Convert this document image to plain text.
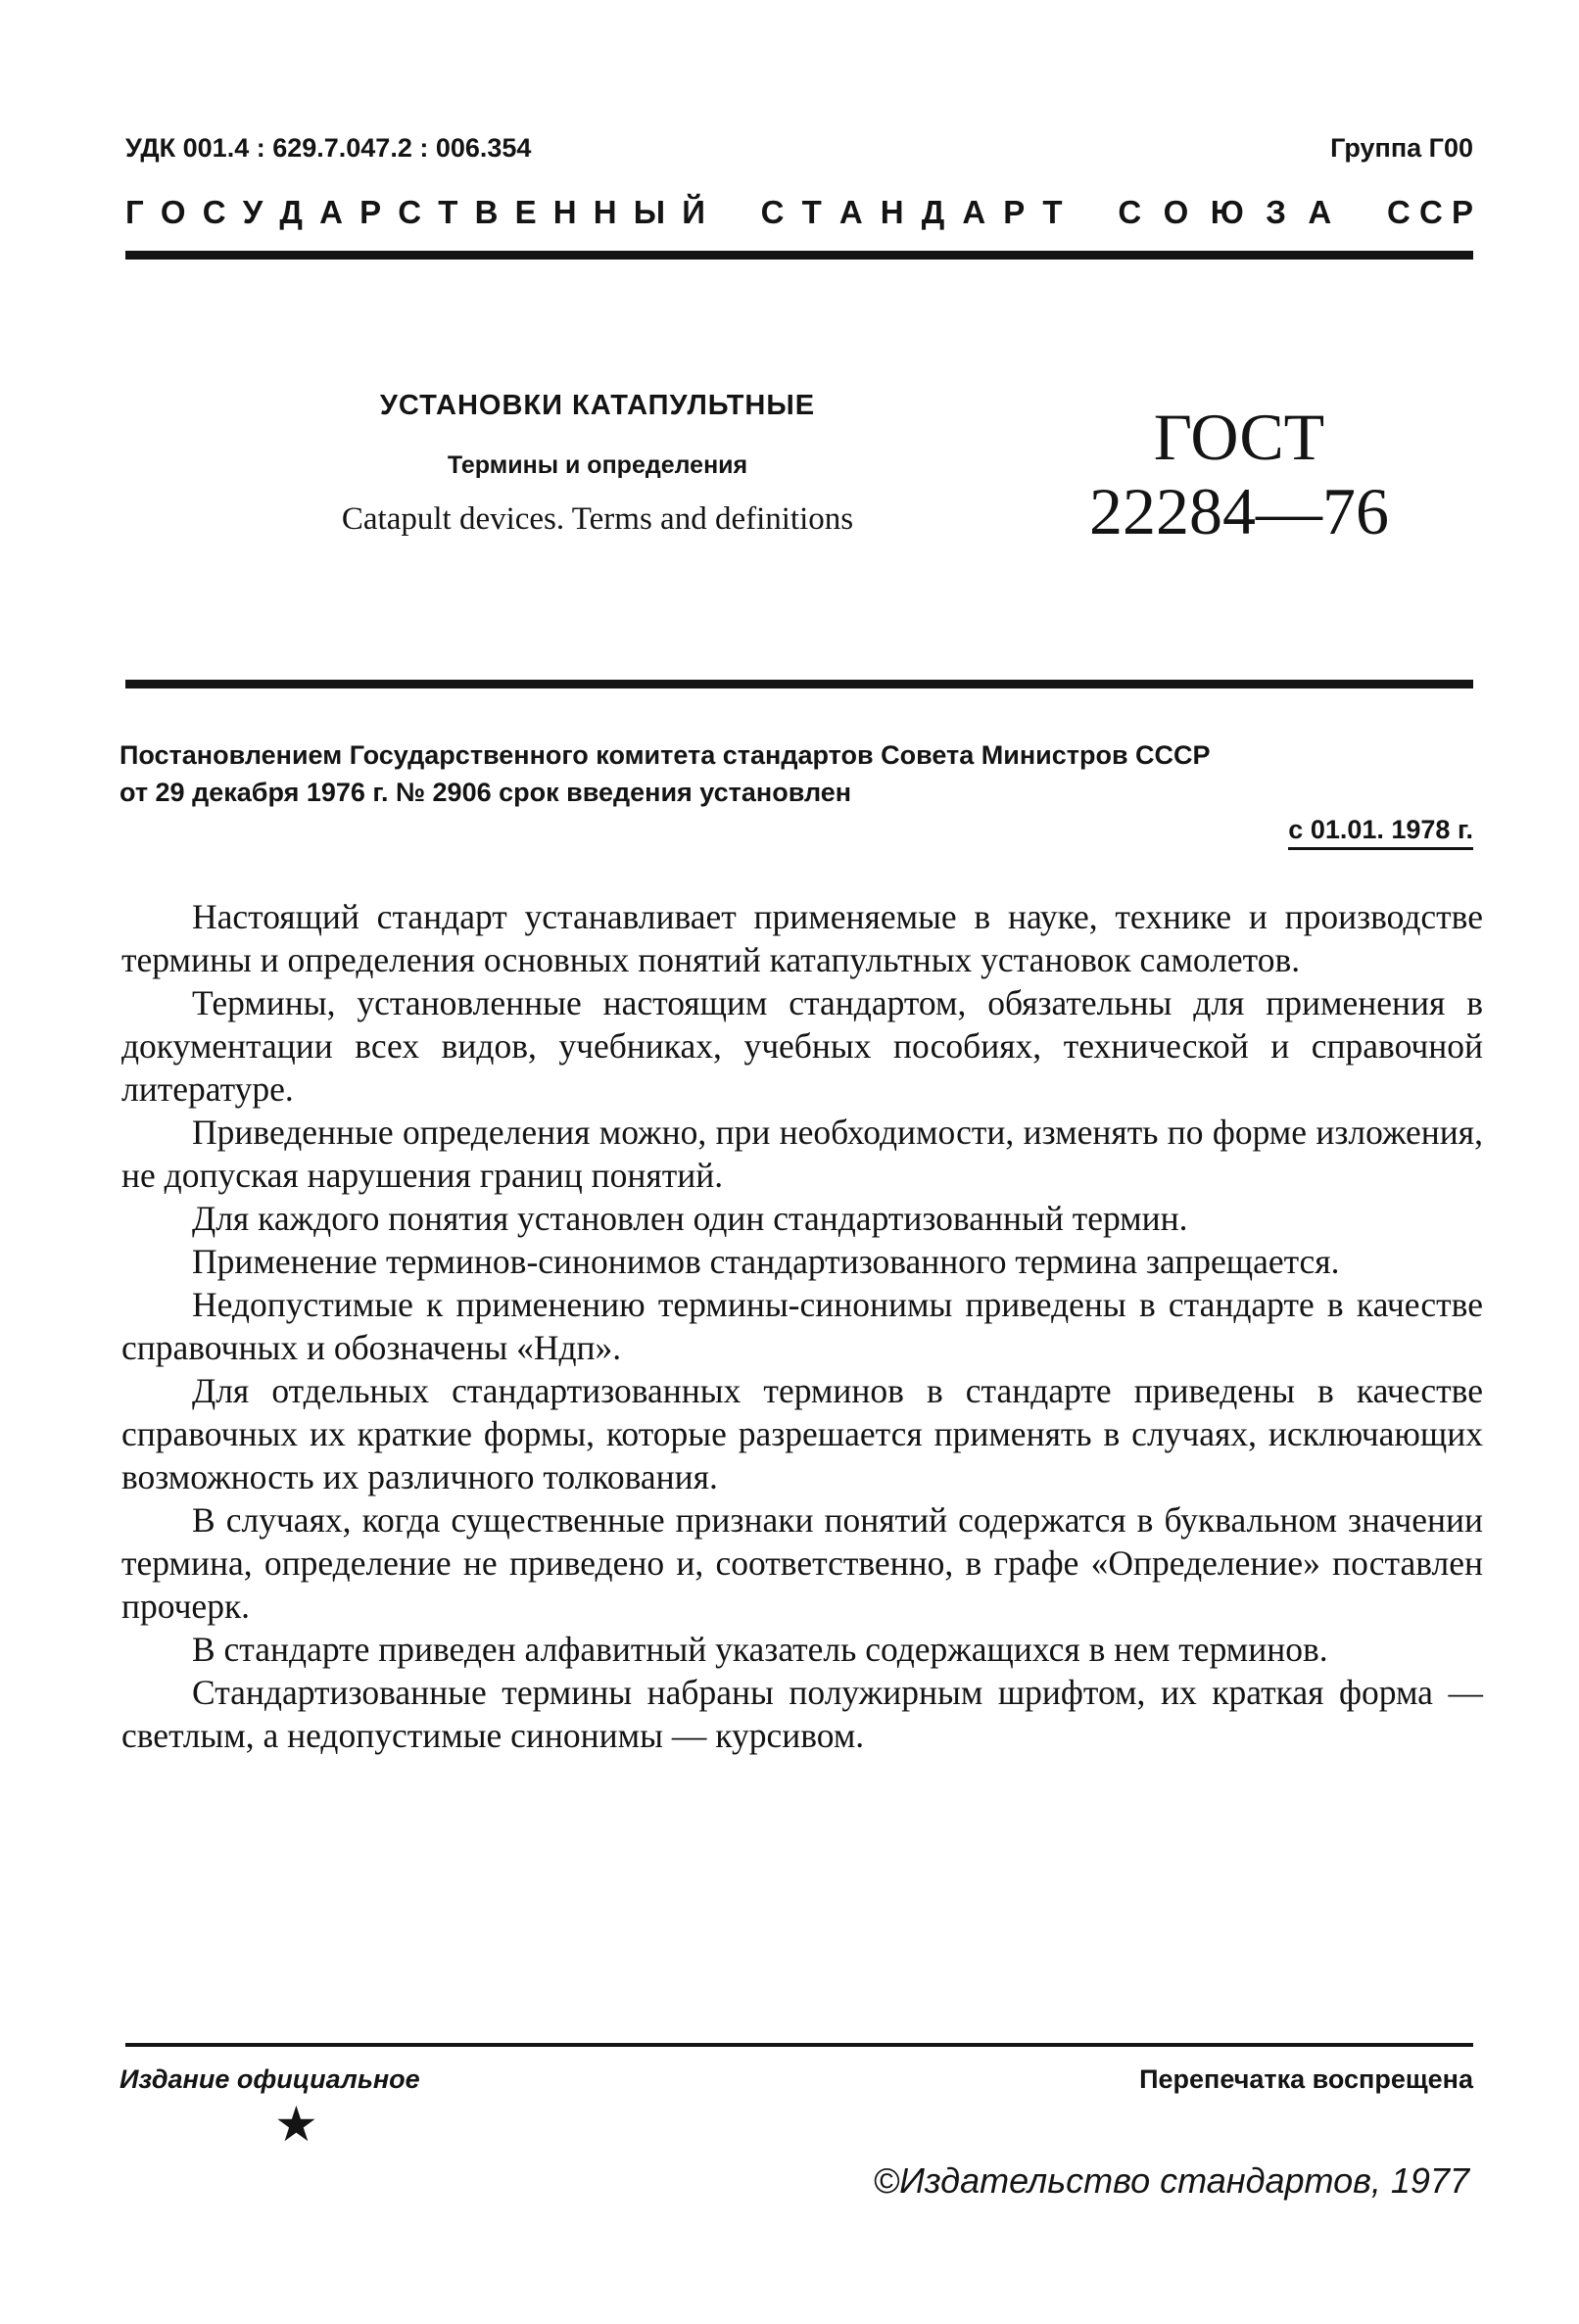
УДК 001.4 : 629.7.047.2 : 006.354	Группа Г00
Г О С У Д А Р С Т В Е Н Н Ы Й С Т А Н Д А Р Т С О Ю З А С С Р
УСТАНОВКИ КАТАПУЛЬТНЫЕ
Термины и определения
Catapult devices. Terms and definitions
ГОСТ
22284—76
Постановлением Государственного комитета стандартов Совета Министров СССР
от 29 декабря 1976 г. № 2906 срок введения установлен
с 01.01. 1978 г.

Настоящий стандарт устанавливает применяемые в науке, технике и производстве термины и определения основных понятий катапультных установок самолетов.

Термины, установленные настоящим стандартом, обязательны для применения в документации всех видов, учебниках, учебных пособиях, технической и справочной литературе.

Приведенные определения можно, при необходимости, изменять по форме изложения, не допуская нарушения границ понятий.

Для каждого понятия установлен один стандартизованный термин.

Применение терминов-синонимов стандартизованного термина запрещается.

Недопустимые к применению термины-синонимы приведены в стандарте в качестве справочных и обозначены «Ндп».

Для отдельных стандартизованных терминов в стандарте приведены в качестве справочных их краткие формы, которые разрешается применять в случаях, исключающих возможность их различного толкования.

В случаях, когда существенные признаки понятий содержатся в буквальном значении термина, определение не приведено и, соответственно, в графе «Определение» поставлен прочерк.

В стандарте приведен алфавитный указатель содержащихся в нем терминов.

Стандартизованные термины набраны полужирным шрифтом, их краткая форма — светлым, а недопустимые синонимы — курсивом.

Издание официальное	Перепечатка воспрещена
★
©Издательство стандартов, 1977
